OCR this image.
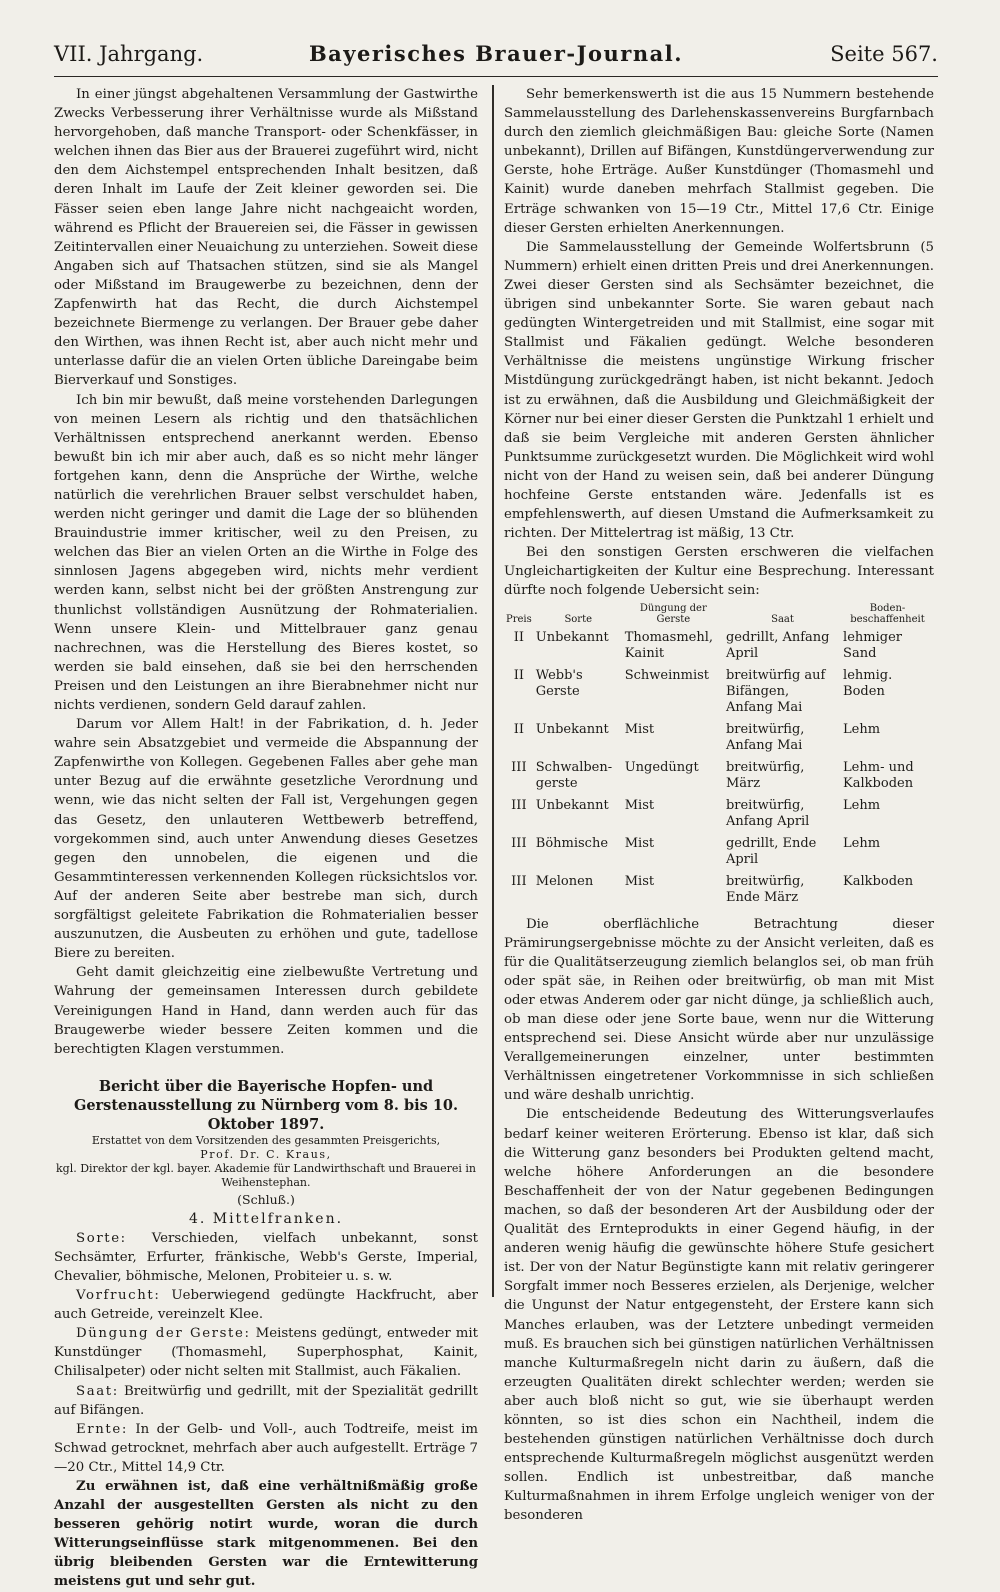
VII. Jahrgang.	Bayerisches Brauer-Journal.	Seite 567.

In einer jüngst abgehaltenen Versammlung der Gastwirthe Zwecks Verbesserung ihrer Verhältnisse wurde als Mißstand hervorgehoben, daß manche Transport- oder Schenkfässer, in welchen ihnen das Bier aus der Brauerei zugeführt wird, nicht den dem Aichstempel entsprechenden Inhalt besitzen, daß deren Inhalt im Laufe der Zeit kleiner geworden sei. Die Fässer seien eben lange Jahre nicht nachgeaicht worden, während es Pflicht der Brauereien sei, die Fässer in gewissen Zeitintervallen einer Neuaichung zu unterziehen. Soweit diese Angaben sich auf Thatsachen stützen, sind sie als Mangel oder Mißstand im Braugewerbe zu bezeichnen, denn der Zapfenwirth hat das Recht, die durch Aichstempel bezeichnete Biermenge zu verlangen. Der Brauer gebe daher den Wirthen, was ihnen Recht ist, aber auch nicht mehr und unterlasse dafür die an vielen Orten übliche Dareingabe beim Bierverkauf und Sonstiges.

Ich bin mir bewußt, daß meine vorstehenden Darlegungen von meinen Lesern als richtig und den thatsächlichen Verhältnissen entsprechend anerkannt werden. Ebenso bewußt bin ich mir aber auch, daß es so nicht mehr länger fortgehen kann, denn die Ansprüche der Wirthe, welche natürlich die verehrlichen Brauer selbst verschuldet haben, werden nicht geringer und damit die Lage der so blühenden Brauindustrie immer kritischer, weil zu den Preisen, zu welchen das Bier an vielen Orten an die Wirthe in Folge des sinnlosen Jagens abgegeben wird, nichts mehr verdient werden kann, selbst nicht bei der größten Anstrengung zur thunlichst vollständigen Ausnützung der Rohmaterialien. Wenn unsere Klein- und Mittelbrauer ganz genau nachrechnen, was die Herstellung des Bieres kostet, so werden sie bald einsehen, daß sie bei den herrschenden Preisen und den Leistungen an ihre Bierabnehmer nicht nur nichts verdienen, sondern Geld darauf zahlen.

Darum vor Allem Halt! in der Fabrikation, d. h. Jeder wahre sein Absatzgebiet und vermeide die Abspannung der Zapfenwirthe von Kollegen. Gegebenen Falles aber gehe man unter Bezug auf die erwähnte gesetzliche Verordnung und wenn, wie das nicht selten der Fall ist, Vergehungen gegen das Gesetz, den unlauteren Wettbewerb betreffend, vorgekommen sind, auch unter Anwendung dieses Gesetzes gegen den unnobelen, die eigenen und die Gesammtinteressen verkennenden Kollegen rücksichtslos vor. Auf der anderen Seite aber bestrebe man sich, durch sorgfältigst geleitete Fabrikation die Rohmaterialien besser auszunutzen, die Ausbeuten zu erhöhen und gute, tadellose Biere zu bereiten.

Geht damit gleichzeitig eine zielbewußte Vertretung und Wahrung der gemeinsamen Interessen durch gebildete Vereinigungen Hand in Hand, dann werden auch für das Braugewerbe wieder bessere Zeiten kommen und die berechtigten Klagen verstummen.

Bericht über die Bayerische Hopfen- und Gerstenausstellung zu Nürnberg vom 8. bis 10. Oktober 1897.
Erstattet von dem Vorsitzenden des gesammten Preisgerichts,
Prof. Dr. C. Kraus,
kgl. Direktor der kgl. bayer. Akademie für Landwirthschaft und Brauerei in Weihenstephan.
(Schluß.)
4. Mittelfranken.

Sorte: Verschieden, vielfach unbekannt, sonst Sechsämter, Erfurter, fränkische, Webb's Gerste, Imperial, Chevalier, böhmische, Melonen, Probiteier u. s. w.

Vorfrucht: Ueberwiegend gedüngte Hackfrucht, aber auch Getreide, vereinzelt Klee.

Düngung der Gerste: Meistens gedüngt, entweder mit Kunstdünger (Thomasmehl, Superphosphat, Kainit, Chilisalpeter) oder nicht selten mit Stallmist, auch Fäkalien.

Saat: Breitwürfig und gedrillt, mit der Spezialität gedrillt auf Bifängen.

Ernte: In der Gelb- und Voll-, auch Todtreife, meist im Schwad getrocknet, mehrfach aber auch aufgestellt. Erträge 7—20 Ctr., Mittel 14,9 Ctr.

Zu erwähnen ist, daß eine verhältnißmäßig große Anzahl der ausgestellten Gersten als nicht zu den besseren gehörig notirt wurde, woran die durch Witterungseinflüsse stark mitgenommenen. Bei den übrig bleibenden Gersten war die Erntewitterung meistens gut und sehr gut.

Sehr bemerkenswerth ist die aus 15 Nummern bestehende Sammelausstellung des Darlehenskassenvereins Burgfarnbach durch den ziemlich gleichmäßigen Bau: gleiche Sorte (Namen unbekannt), Drillen auf Bifängen, Kunstdüngerverwendung zur Gerste, hohe Erträge. Außer Kunstdünger (Thomasmehl und Kainit) wurde daneben mehrfach Stallmist gegeben. Die Erträge schwanken von 15—19 Ctr., Mittel 17,6 Ctr. Einige dieser Gersten erhielten Anerkennungen.

Die Sammelausstellung der Gemeinde Wolfertsbrunn (5 Nummern) erhielt einen dritten Preis und drei Anerkennungen. Zwei dieser Gersten sind als Sechsämter bezeichnet, die übrigen sind unbekannter Sorte. Sie waren gebaut nach gedüngten Wintergetreiden und mit Stallmist, eine sogar mit Stallmist und Fäkalien gedüngt. Welche besonderen Verhältnisse die meistens ungünstige Wirkung frischer Mistdüngung zurückgedrängt haben, ist nicht bekannt. Jedoch ist zu erwähnen, daß die Ausbildung und Gleichmäßigkeit der Körner nur bei einer dieser Gersten die Punktzahl 1 erhielt und daß sie beim Vergleiche mit anderen Gersten ähnlicher Punktsumme zurückgesetzt wurden. Die Möglichkeit wird wohl nicht von der Hand zu weisen sein, daß bei anderer Düngung hochfeine Gerste entstanden wäre. Jedenfalls ist es empfehlenswerth, auf diesen Umstand die Aufmerksamkeit zu richten. Der Mittelertrag ist mäßig, 13 Ctr.

Bei den sonstigen Gersten erschweren die vielfachen Ungleichartigkeiten der Kultur eine Besprechung. Interessant dürfte noch folgende Uebersicht sein:

Preis	Sorte	Düngung der Gerste	Saat	Boden-beschaffenheit
II	Unbekannt	Thomasmehl, Kainit	gedrillt, Anfang April	lehmiger Sand
II	Webb's Gerste	Schweinmist	breitwürfig auf Bifängen, Anfang Mai	lehmig. Boden
II	Unbekannt	Mist	breitwürfig, Anfang Mai	Lehm
III	Schwalben-gerste	Ungedüngt	breitwürfig, März	Lehm- und Kalkboden
III	Unbekannt	Mist	breitwürfig, Anfang April	Lehm
III	Böhmische	Mist	gedrillt, Ende April	Lehm
III	Melonen	Mist	breitwürfig, Ende März	Kalkboden

Die oberflächliche Betrachtung dieser Prämirungsergebnisse möchte zu der Ansicht verleiten, daß es für die Qualitätserzeugung ziemlich belanglos sei, ob man früh oder spät säe, in Reihen oder breitwürfig, ob man mit Mist oder etwas Anderem oder gar nicht dünge, ja schließlich auch, ob man diese oder jene Sorte baue, wenn nur die Witterung entsprechend sei. Diese Ansicht würde aber nur unzulässige Verallgemeinerungen einzelner, unter bestimmten Verhältnissen eingetretener Vorkommnisse in sich schließen und wäre deshalb unrichtig.

Die entscheidende Bedeutung des Witterungsverlaufes bedarf keiner weiteren Erörterung. Ebenso ist klar, daß sich die Witterung ganz besonders bei Produkten geltend macht, welche höhere Anforderungen an die besondere Beschaffenheit der von der Natur gegebenen Bedingungen machen, so daß der besonderen Art der Ausbildung oder der Qualität des Ernteprodukts in einer Gegend häufig, in der anderen wenig häufig die gewünschte höhere Stufe gesichert ist. Der von der Natur Begünstigte kann mit relativ geringerer Sorgfalt immer noch Besseres erzielen, als Derjenige, welcher die Ungunst der Natur entgegensteht, der Erstere kann sich Manches erlauben, was der Letztere unbedingt vermeiden muß. Es brauchen sich bei günstigen natürlichen Verhältnissen manche Kulturmaßregeln nicht darin zu äußern, daß die erzeugten Qualitäten direkt schlechter werden; werden sie aber auch bloß nicht so gut, wie sie überhaupt werden könnten, so ist dies schon ein Nachtheil, indem die bestehenden günstigen natürlichen Verhältnisse doch durch entsprechende Kulturmaßregeln möglichst ausgenützt werden sollen. Endlich ist unbestreitbar, daß manche Kulturmaßnahmen in ihrem Erfolge ungleich weniger von der besonderen
